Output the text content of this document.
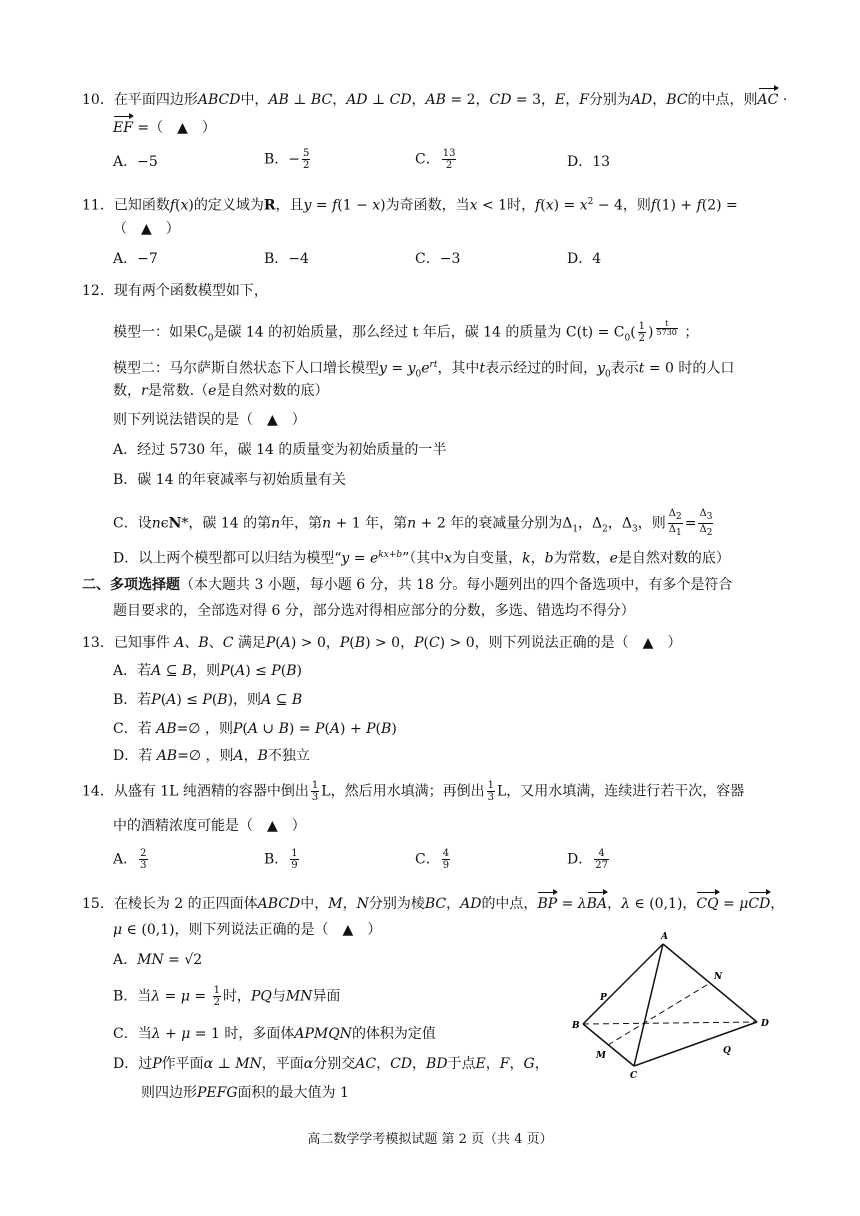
10．在平面四边形ABCD中，AB ⊥ BC，AD ⊥ CD，AB = 2，CD = 3，E，F分别为AD，BC的中点，则AC ·
EF =（　▲　）
A．−5	B．− $\frac{5}{2}$	C． $\frac{13}{2}$	D．13
11．已知函数f(x)的定义域为R，且y = f(1 − x)为奇函数，当x < 1时，$f(x) = x^2 - 4$，则f(1) + f(2) =
（　▲　）
A．−7	B．−4	C．−3	D．4
12．现有两个函数模型如下，
模型一：如果$C_0$是碳 14 的初始质量，那么经过 t 年后，碳 14 的质量为 $C(t) = C_0( \frac{1}{2}$ ) $^{\frac{t}{5730}}$ ；
模型二：马尔萨斯自然状态下人口增长模型$y = y_0e^{rt}$，其中t表示经过的时间，$y_0$表示t = 0 时的人口
数，r是常数.（e是自然对数的底）
则下列说法错误的是（　▲　）
A．经过 5730 年，碳 14 的质量变为初始质量的一半
B．碳 14 的年衰减率与初始质量有关
C．设nϵN*，碳 14 的第n年，第n + 1 年，第n + 2 年的衰减量分别为$\Delta_1$，$\Delta_2$，$\Delta_3$，则 $\frac{\Delta_2}{\Delta_1} = \frac{\Delta_3}{\Delta_2}$
D．以上两个模型都可以归结为模型“$y = e^{kx+b}$”（其中x为自变量，k，b为常数，e是自然对数的底）
二、多项选择题（本大题共 3 小题，每小题 6 分，共 18 分。每小题列出的四个备选项中，有多个是符合
题目要求的，全部选对得 6 分，部分选对得相应部分的分数，多选、错选均不得分）
13．已知事件 A、B、C 满足P(A) > 0，P(B) > 0，P(C) > 0，则下列说法正确的是（　▲　）
A．若A ⊆ B，则P(A) ≤ P(B)
B．若P(A) ≤ P(B)，则A ⊆ B
C．若 AB=∅ ，则P(A ∪ B) = P(A) + P(B)
D．若 AB=∅ ，则A，B不独立
14．从盛有 1L 纯酒精的容器中倒出 $\frac{1}{3}$ L，然后用水填满；再倒出 $\frac{1}{3}$ L，又用水填满，连续进行若干次，容器
中的酒精浓度可能是（　▲　）
A． $\frac{2}{3}$	B． $\frac{1}{9}$	C． $\frac{4}{9}$	D． $\frac{4}{27}$
15．在棱长为 2 的正四面体ABCD中，M，N分别为棱BC，AD的中点，BP = λBA，λ ∈ (0,1)，CQ = μCD，
μ ∈ (0,1)，则下列说法正确的是（　▲　）
A．MN = √2
B．当$\lambda = \mu = \frac{1}{2}$ 时，PQ与MN异面
C．当λ + μ = 1 时，多面体APMQN的体积为定值
D．过P作平面α ⊥ MN，平面α分别交AC，CD，BD于点E，F，G，
则四边形PEFG面积的最大值为 1
A
B
C
D
N
P
M	Q
高二数学学考模拟试题 第 2 页（共 4 页）
